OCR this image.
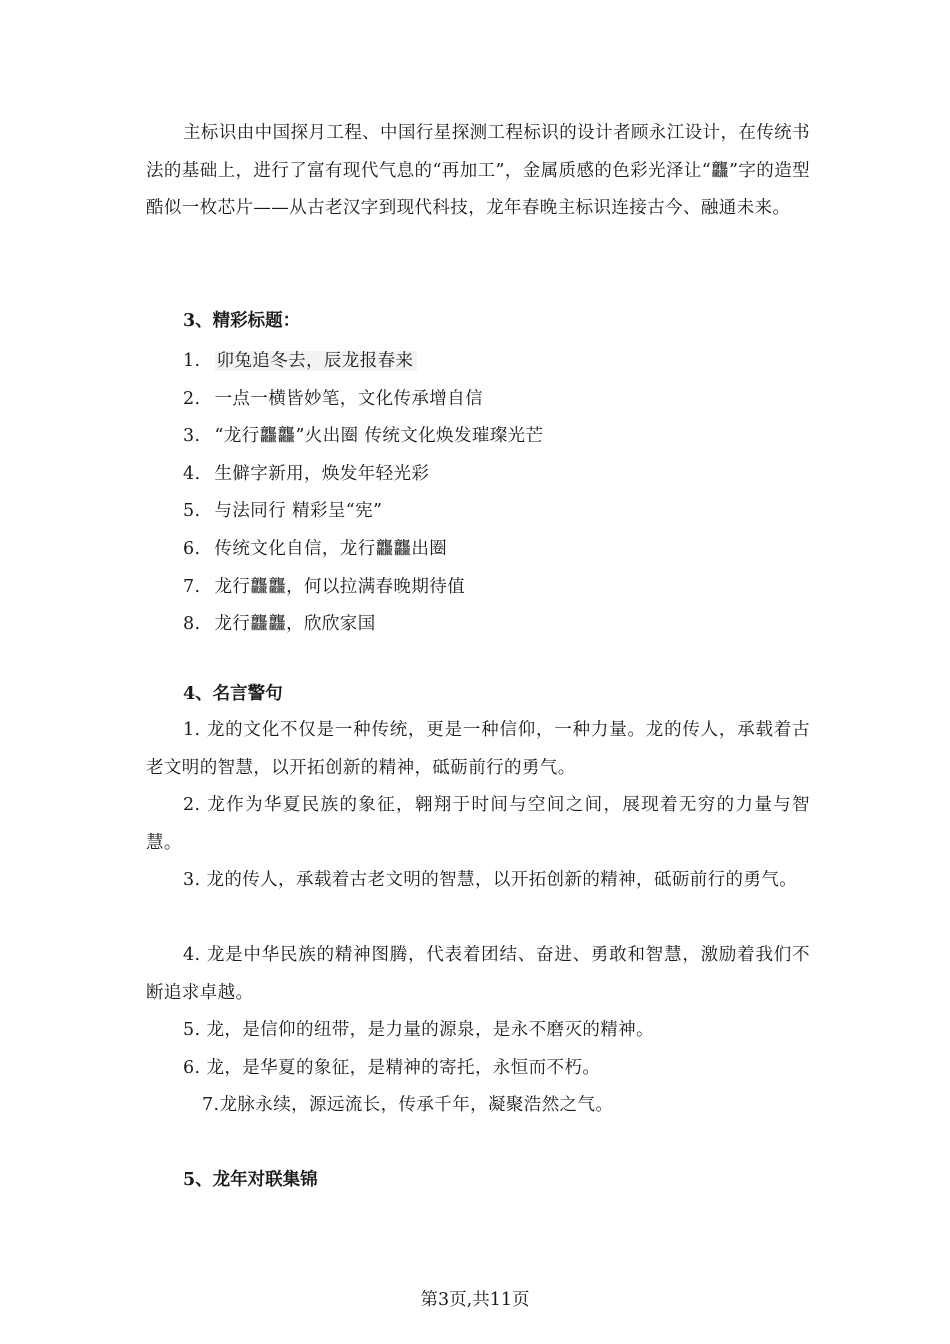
主标识由中国探月工程、中国行星探测工程标识的设计者顾永江设计，在传统书法的基础上，进行了富有现代气息的“再加工”，金属质感的色彩光泽让“龘”字的造型酷似一枚芯片——从古老汉字到现代科技，龙年春晚主标识连接古今、融通未来。

3、精彩标题：
1. 卯兔追冬去，辰龙报春来
2. 一点一横皆妙笔，文化传承增自信
3. “龙行龘龘”火出圈 传统文化焕发璀璨光芒
4. 生僻字新用，焕发年轻光彩
5. 与法同行 精彩呈“宪”
6. 传统文化自信，龙行龘龘出圈
7. 龙行龘龘，何以拉满春晚期待值
8. 龙行龘龘，欣欣家国
4、名言警句

1. 龙的文化不仅是一种传统，更是一种信仰，一种力量。龙的传人，承载着古老文明的智慧，以开拓创新的精神，砥砺前行的勇气。

2. 龙作为华夏民族的象征，翱翔于时间与空间之间，展现着无穷的力量与智慧。

3. 龙的传人，承载着古老文明的智慧，以开拓创新的精神，砥砺前行的勇气。

4. 龙是中华民族的精神图腾，代表着团结、奋进、勇敢和智慧，激励着我们不断追求卓越。

5. 龙，是信仰的纽带，是力量的源泉，是永不磨灭的精神。

6. 龙，是华夏的象征，是精神的寄托，永恒而不朽。

7.龙脉永续，源远流长，传承千年，凝聚浩然之气。

5、龙年对联集锦
第3页,共11页
